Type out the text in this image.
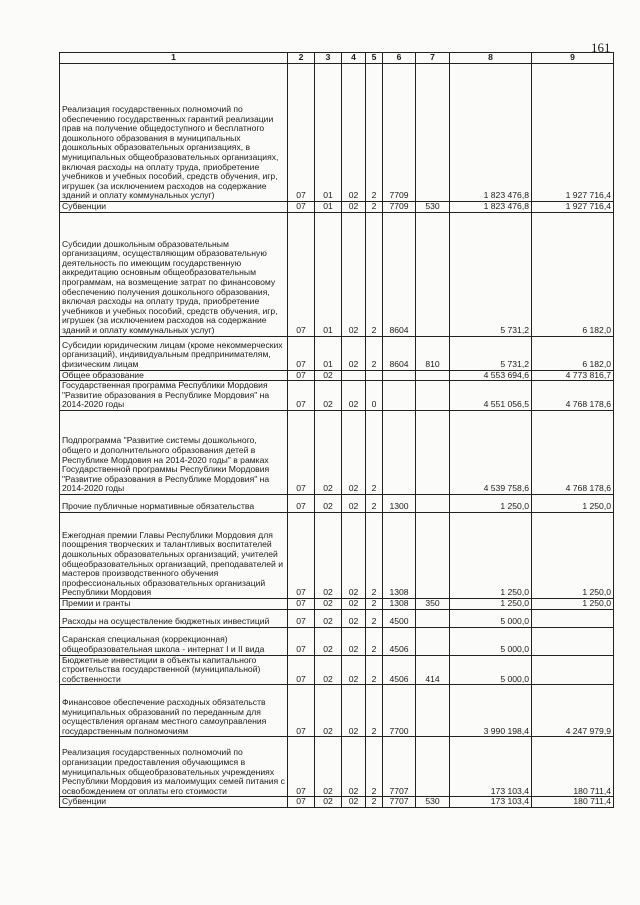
161
1	2	3	4	5	6	7	8	9
Реализация государственных полномочий по обеспечению государственных гарантий реализации прав на получение общедоступного и бесплатного дошкольного образования в муниципальных дошкольных образовательных организациях, в муниципальных общеобразовательных организациях, включая расходы на оплату труда, приобретение учебников и учебных пособий, средств обучения, игр, игрушек (за исключением расходов на содержание зданий и оплату коммунальных услуг)	07	01	02	2	7709		1 823 476,8	1 927 716,4
Субвенции	07	01	02	2	7709	530	1 823 476,8	1 927 716,4
Субсидии дошкольным образовательным организациям, осуществляющим образовательную деятельность по имеющим государственную аккредитацию основным общеобразовательным программам, на возмещение затрат по финансовому обеспечению получения дошкольного образования, включая расходы на оплату труда, приобретение учебников и учебных пособий, средств обучения, игр, игрушек (за исключением расходов на содержание зданий и оплату коммунальных услуг)	07	01	02	2	8604		5 731,2	6 182,0
Субсидии юридическим лицам (кроме некоммерческих организаций), индивидуальным предпринимателям, физическим лицам	07	01	02	2	8604	810	5 731,2	6 182,0
Общее образование	07	02					4 553 694,6	4 773 816,7
Государственная программа Республики Мордовия "Развитие образования в Республике Мордовия" на 2014-2020 годы	07	02	02	0			4 551 056,5	4 768 178,6
Подпрограмма "Развитие системы дошкольного, общего и дополнительного образования детей в Республике Мордовия на 2014-2020 годы" в рамках Государственной программы Республики Мордовия "Развитие образования в Республике Мордовия" на 2014-2020 годы	07	02	02	2			4 539 758,6	4 768 178,6
Прочие публичные нормативные обязательства	07	02	02	2	1300		1 250,0	1 250,0
Ежегодная премии Главы Республики Мордовия для поощрения творческих и талантливых воспитателей дошкольных образовательных организаций, учителей общеобразовательных организаций, преподавателей и мастеров производственного обучения профессиональных образовательных организаций Республики Мордовия	07	02	02	2	1308		1 250,0	1 250,0
Премии и гранты	07	02	02	2	1308	350	1 250,0	1 250,0
Расходы на осуществление бюджетных инвестиций	07	02	02	2	4500		5 000,0	
Саранская специальная (коррекционная) общеобразовательная школа - интернат I и II вида	07	02	02	2	4506		5 000,0	
Бюджетные инвестиции в объекты капитального строительства государственной (муниципальной) собственности	07	02	02	2	4506	414	5 000,0	
Финансовое обеспечение расходных обязательств муниципальных образований по переданным для осуществления органам местного самоуправления государственным полномочиям	07	02	02	2	7700		3 990 198,4	4 247 979,9
Реализация государственных полномочий по организации предоставления обучающимся в муниципальных общеобразовательных учреждениях Республики Мордовия из малоимущих семей питания с освобождением от оплаты его стоимости	07	02	02	2	7707		173 103,4	180 711,4
Субвенции	07	02	02	2	7707	530	173 103,4	180 711,4
